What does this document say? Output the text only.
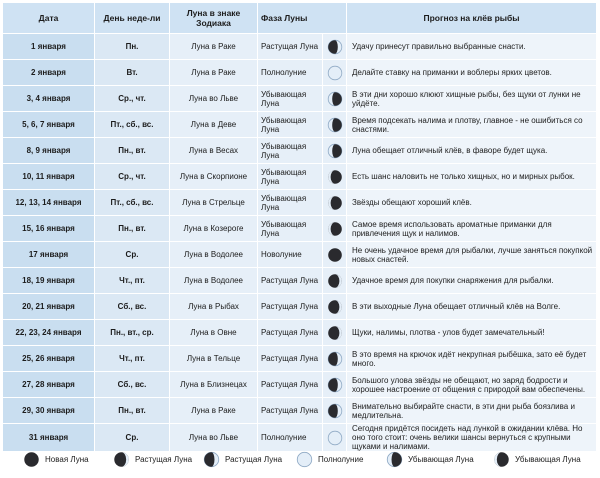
Дата	День неде-ли	Луна в знаке Зодиака	Фаза Луны		Прогноз на клёв рыбы
1 января	Пн.	Луна в Раке	Растущая Луна		Удачу принесут правильно выбранные снасти.
2 января	Вт.	Луна в Раке	Полнолуние		Делайте ставку на приманки и воблеры ярких цветов.
3, 4 января	Ср., чт.	Луна во Льве	Убывающая Луна		В эти дни хорошо клюют хищные рыбы, без щуки от лунки не уйдёте.
5, 6, 7 января	Пт., сб., вс.	Луна в Деве	Убывающая Луна		Время подсекать налима и плотву, главное - не ошибиться со снастями.
8, 9 января	Пн., вт.	Луна в Весах	Убывающая Луна		Луна обещает отличный клёв, в фаворе будет щука.
10, 11 января	Ср., чт.	Луна в Скорпионе	Убывающая Луна		Есть шанс наловить не только хищных, но и мирных рыбок.
12, 13, 14 января	Пт., сб., вс.	Луна в Стрельце	Убывающая Луна		Звёзды обещают хороший клёв.
15, 16 января	Пн., вт.	Луна в Козероге	Убывающая Луна		Самое время использовать ароматные приманки для привлечения щук и налимов.
17 января	Ср.	Луна в Водолее	Новолуние		Не очень удачное время для рыбалки, лучше заняться покупкой новых снастей.
18, 19 января	Чт., пт.	Луна в Водолее	Растущая Луна		Удачное время для покупки снаряжения для рыбалки.
20, 21 января	Сб., вс.	Луна в Рыбах	Растущая Луна		В эти выходные Луна обещает отличный клёв на Волге.
22, 23, 24 января	Пн., вт., ср.	Луна в Овне	Растущая Луна		Щуки, налимы, плотва - улов будет замечательный!
25, 26 января	Чт., пт.	Луна в Тельце	Растущая Луна		В это время на крючок идёт некрупная рыбёшка, зато её будет много.
27, 28 января	Сб., вс.	Луна в Близнецах	Растущая Луна		Большого улова звёзды не обещают, но заряд бодрости и хорошее настроение от общения с природой вам обеспечены.
29, 30 января	Пн., вт.	Луна в Раке	Растущая Луна		Внимательно выбирайте снасти, в эти дни рыба боязлива и медлительна.
31 января	Ср.	Луна во Льве	Полнолуние		Сегодня придётся посидеть над лункой в ожидании клёва. Но оно того стоит: очень велики шансы вернуться с крупными щуками и налимами.
Новая Луна	Растущая Луна	Растущая Луна	Полнолуние	Убывающая Луна	Убывающая Луна
